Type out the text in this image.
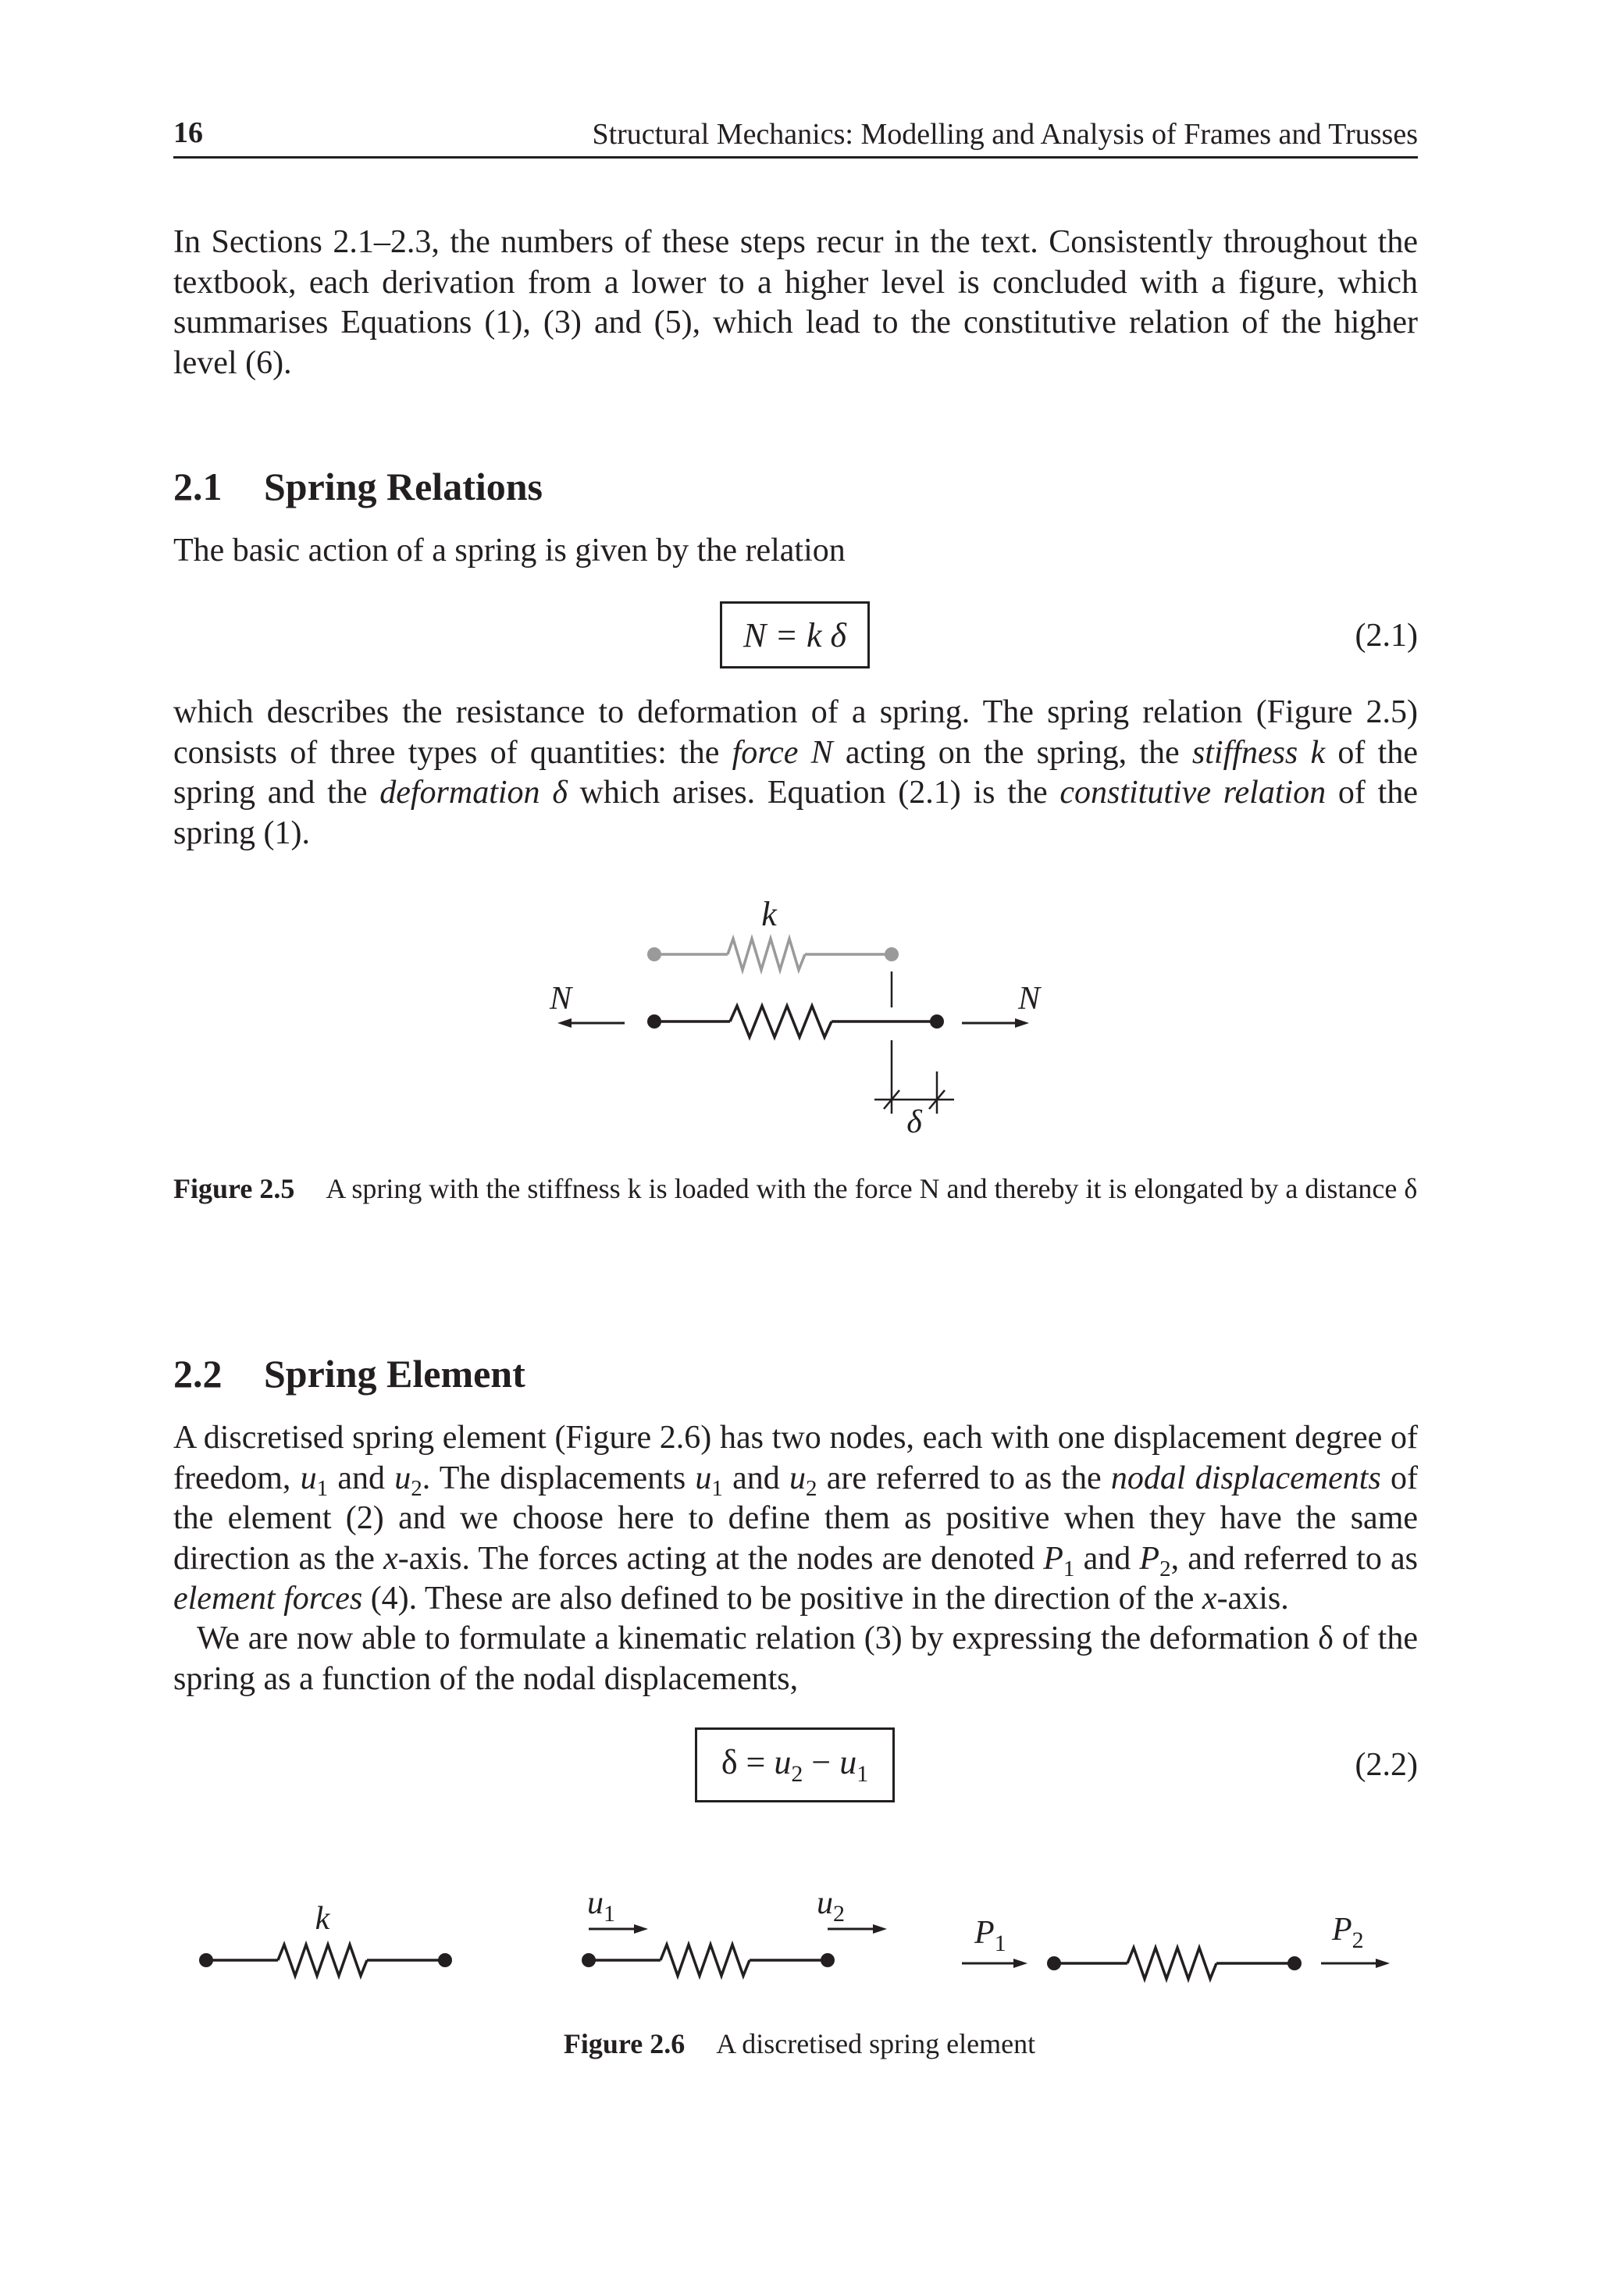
16	Structural Mechanics: Modelling and Analysis of Frames and Trusses

In Sections 2.1–2.3, the numbers of these steps recur in the text. Consistently throughout the textbook, each derivation from a lower to a higher level is concluded with a figure, which summarises Equations (1), (3) and (5), which lead to the constitutive relation of the higher level (6).

2.1 Spring Relations

The basic action of a spring is given by the relation

N = k δ	(2.1)

which describes the resistance to deformation of a spring. The spring relation (Figure 2.5) consists of three types of quantities: the force N acting on the spring, the stiffness k of the spring and the deformation δ which arises. Equation (2.1) is the constitutive relation of the spring (1).

k
N	N
δ
Figure 2.5 A spring with the stiffness k is loaded with the force N and thereby it is elongated by a distance δ
2.2 Spring Element

A discretised spring element (Figure 2.6) has two nodes, each with one displacement degree of freedom, $u_1$ and $u_2$. The displacements $u_1$ and $u_2$ are referred to as the nodal displacements of the element (2) and we choose here to define them as positive when they have the same direction as the x-axis. The forces acting at the nodes are denoted $P_1$ and $P_2$, and referred to as element forces (4). These are also defined to be positive in the direction of the x-axis.

We are now able to formulate a kinematic relation (3) by expressing the deformation δ of the spring as a function of the nodal displacements,

$\delta = u_2 - u_1$	(2.2)
k	$u_1$	$u_2$
$P_1$	$P_2$
Figure 2.6 A discretised spring element
